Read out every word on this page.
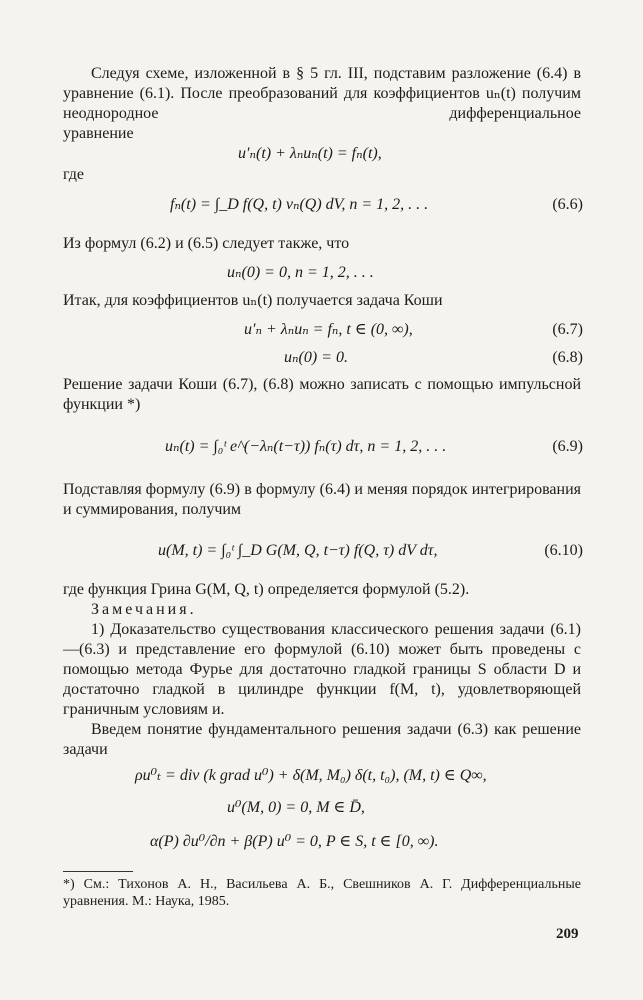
Следуя схеме, изложенной в § 5 гл. III, подставим разложение (6.4) в уравнение (6.1). После преобразований для коэффициентов uₙ(t) получим неоднородное дифференциальное

уравнение

u′ₙ(t) + λₙuₙ(t) = fₙ(t),

где

fₙ(t) = ∫_D f(Q, t) vₙ(Q) dV, n = 1, 2, . . .	(6.6)

Из формул (6.2) и (6.5) следует также, что

uₙ(0) = 0, n = 1, 2, . . .

Итак, для коэффициентов uₙ(t) получается задача Коши

u′ₙ + λₙuₙ = fₙ, t ∈ (0, ∞),	(6.7)

uₙ(0) = 0.	(6.8)

Решение задачи Коши (6.7), (6.8) можно записать с помощью импульсной функции *)

uₙ(t) = ∫₀ᵗ e^(−λₙ(t−τ)) fₙ(τ) dτ, n = 1, 2, . . .	(6.9)

Подставляя формулу (6.9) в формулу (6.4) и меняя порядок интегрирования и суммирования, получим

u(M, t) = ∫₀ᵗ ∫_D G(M, Q, t−τ) f(Q, τ) dV dτ,	(6.10)

где функция Грина G(M, Q, t) определяется формулой (5.2).

Замечания.

1) Доказательство существования классического решения задачи (6.1)—(6.3) и представление его формулой (6.10) может быть проведены с помощью метода Фурье для достаточно гладкой границы S области D и достаточно гладкой в цилиндре функции f(M, t), удовлетворяющей граничным условиям и.

Введем понятие фундаментального решения задачи (6.3) как решение задачи

ρu⁰ₜ = div (k grad u⁰) + δ(M, M₀) δ(t, t₀), (M, t) ∈ Q∞,

u⁰(M, 0) = 0, M ∈ D̄,

α(P) ∂u⁰/∂n + β(P) u⁰ = 0, P ∈ S, t ∈ [0, ∞).

*) См.: Тихонов А. Н., Васильева А. Б., Свешников А. Г. Дифференциальные уравнения. М.: Наука, 1985.

209
